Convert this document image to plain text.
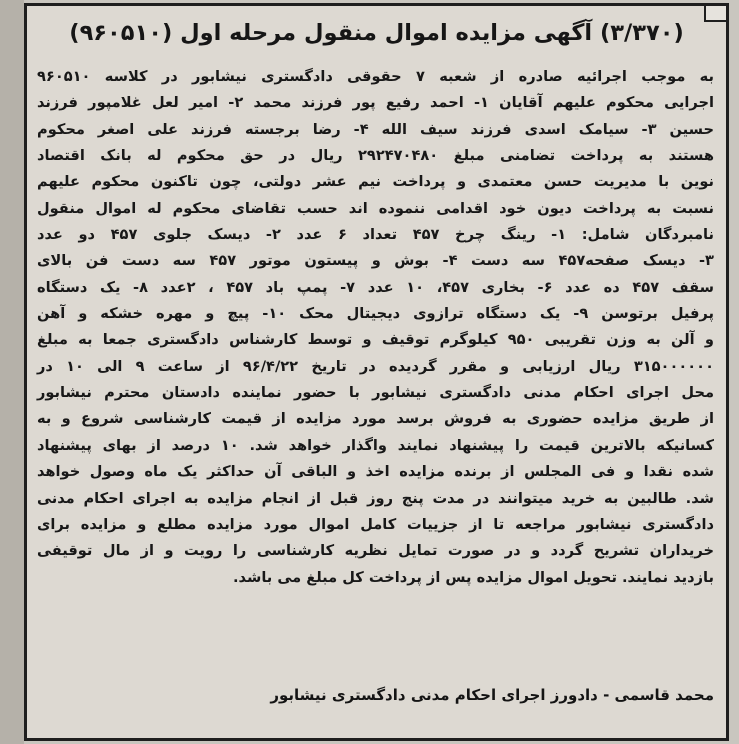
(۳/۳۷۰) آگهی مزایده اموال منقول مرحله اول (۹۶۰۵۱۰)
به موجب اجرائیه صادره از شعبه ۷ حقوقی دادگستری نیشابور در کلاسه ۹۶۰۵۱۰
اجرایی محکوم علیهم آقایان ۱- احمد رفیع پور فرزند محمد ۲- امیر لعل غلامپور فرزند
حسین ۳- سیامک اسدی فرزند سیف الله ۴- رضا برجسته فرزند علی اصغر محکوم
هستند به پرداخت تضامنی مبلغ ۲۹۲۴۷۰۴۸۰ ریال در حق محکوم له بانک اقتصاد
نوین با مدیریت حسن معتمدی و پرداخت نیم عشر دولتی، چون تاکنون محکوم علیهم
نسبت به پرداخت دیون خود اقدامی ننموده اند حسب تقاضای محکوم له اموال منقول
نامبردگان شامل: ۱- رینگ چرخ ۴۵۷ تعداد ۶ عدد ۲- دیسک جلوی ۴۵۷ دو عدد
۳- دیسک صفحه۴۵۷ سه دست ۴- بوش و پیستون موتور ۴۵۷ سه دست فن بالای
سقف ۴۵۷ ده عدد ۶- بخاری ۴۵۷، ۱۰ عدد ۷- پمپ باد ۴۵۷ ، ۲عدد ۸- یک دستگاه
پرفیل برتوسن ۹- یک دستگاه ترازوی دیجیتال محک ۱۰- پیچ و مهره خشکه و آهن
و آلن به وزن تقریبی ۹۵۰ کیلوگرم توقیف و توسط کارشناس دادگستری جمعا به مبلغ
۳۱۵۰۰۰۰۰۰ ریال ارزیابی و مقرر گردیده در تاریخ ۹۶/۴/۲۲ از ساعت ۹ الی ۱۰ در
محل اجرای احکام مدنی دادگستری نیشابور با حضور نماینده دادستان محترم نیشابور
از طریق مزایده حضوری به فروش برسد مورد مزایده از قیمت کارشناسی شروع و به
کسانیکه بالاترین قیمت را پیشنهاد نمایند واگذار خواهد شد. ۱۰ درصد از بهای پیشنهاد
شده نقدا و فی المجلس از برنده مزایده اخذ و الباقی آن حداکثر یک ماه وصول خواهد
شد. طالبین به خرید میتوانند در مدت پنج روز قبل از انجام مزایده به اجرای احکام مدنی
دادگستری نیشابور مراجعه تا از جزییات کامل اموال مورد مزایده مطلع و مزایده برای
خریداران تشریح گردد و در صورت تمایل نظریه کارشناسی را رویت و از مال توقیفی
بازدید نمایند. تحویل اموال مزایده پس از پرداخت کل مبلغ می باشد.
محمد قاسمی - دادورز اجرای احکام مدنی دادگستری نیشابور
